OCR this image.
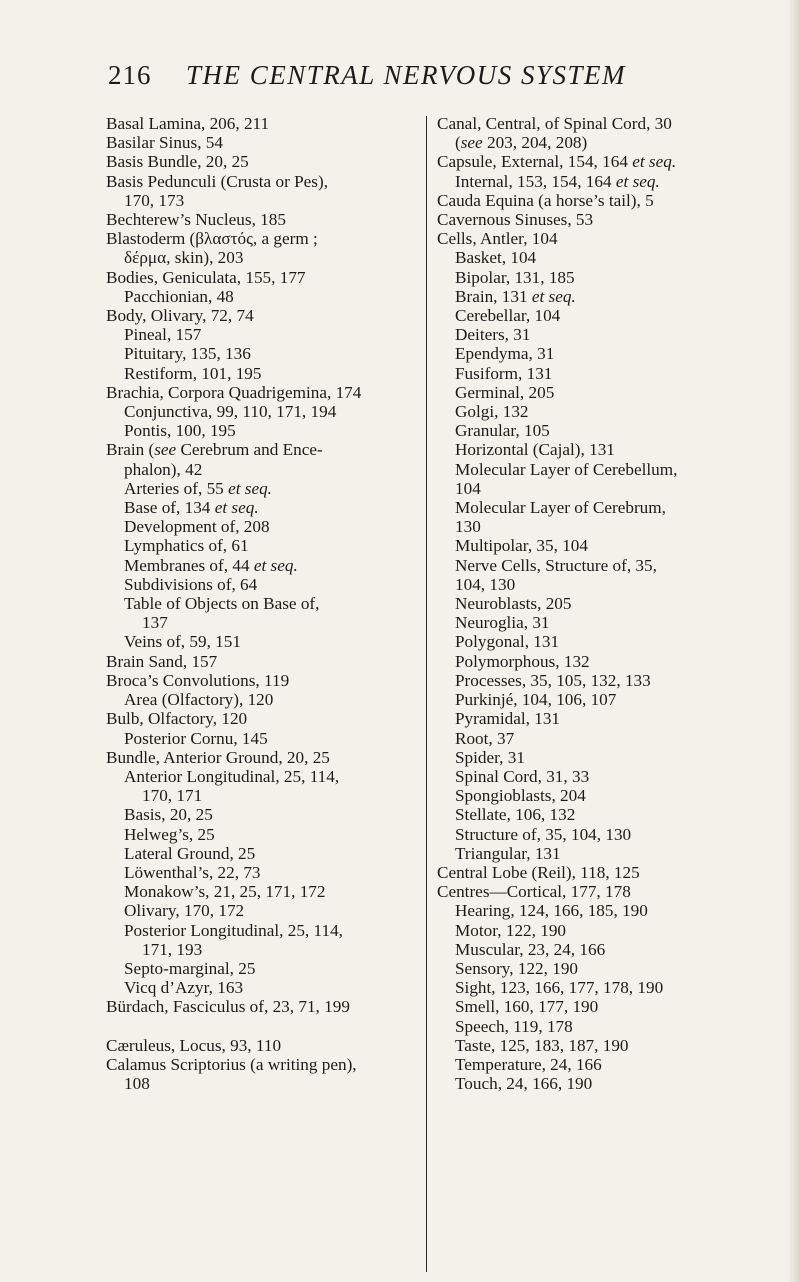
216 THE CENTRAL NERVOUS SYSTEM
Basal Lamina, 206, 211
Basilar Sinus, 54
Basis Bundle, 20, 25
Basis Pedunculi (Crusta or Pes),
170, 173
Bechterew’s Nucleus, 185
Blastoderm (βλαστός, a germ ;
δέρμα, skin), 203
Bodies, Geniculata, 155, 177
Pacchionian, 48
Body, Olivary, 72, 74
Pineal, 157
Pituitary, 135, 136
Restiform, 101, 195
Brachia, Corpora Quadrigemina, 174
Conjunctiva, 99, 110, 171, 194
Pontis, 100, 195
Brain (see Cerebrum and Ence-
phalon), 42
Arteries of, 55 et seq.
Base of, 134 et seq.
Development of, 208
Lymphatics of, 61
Membranes of, 44 et seq.
Subdivisions of, 64
Table of Objects on Base of,
137
Veins of, 59, 151
Brain Sand, 157
Broca’s Convolutions, 119
Area (Olfactory), 120
Bulb, Olfactory, 120
Posterior Cornu, 145
Bundle, Anterior Ground, 20, 25
Anterior Longitudinal, 25, 114,
170, 171
Basis, 20, 25
Helweg’s, 25
Lateral Ground, 25
Löwenthal’s, 22, 73
Monakow’s, 21, 25, 171, 172
Olivary, 170, 172
Posterior Longitudinal, 25, 114,
171, 193
Septo-marginal, 25
Vicq d’Azyr, 163
Bürdach, Fasciculus of, 23, 71, 199
Cæruleus, Locus, 93, 110
Calamus Scriptorius (a writing pen),
108
Canal, Central, of Spinal Cord, 30
(see 203, 204, 208)
Capsule, External, 154, 164 et seq.
Internal, 153, 154, 164 et seq.
Cauda Equina (a horse’s tail), 5
Cavernous Sinuses, 53
Cells, Antler, 104
Basket, 104
Bipolar, 131, 185
Brain, 131 et seq.
Cerebellar, 104
Deiters, 31
Ependyma, 31
Fusiform, 131
Germinal, 205
Golgi, 132
Granular, 105
Horizontal (Cajal), 131
Molecular Layer of Cerebellum,
104
Molecular Layer of Cerebrum,
130
Multipolar, 35, 104
Nerve Cells, Structure of, 35,
104, 130
Neuroblasts, 205
Neuroglia, 31
Polygonal, 131
Polymorphous, 132
Processes, 35, 105, 132, 133
Purkinjé, 104, 106, 107
Pyramidal, 131
Root, 37
Spider, 31
Spinal Cord, 31, 33
Spongioblasts, 204
Stellate, 106, 132
Structure of, 35, 104, 130
Triangular, 131
Central Lobe (Reil), 118, 125
Centres—Cortical, 177, 178
Hearing, 124, 166, 185, 190
Motor, 122, 190
Muscular, 23, 24, 166
Sensory, 122, 190
Sight, 123, 166, 177, 178, 190
Smell, 160, 177, 190
Speech, 119, 178
Taste, 125, 183, 187, 190
Temperature, 24, 166
Touch, 24, 166, 190
